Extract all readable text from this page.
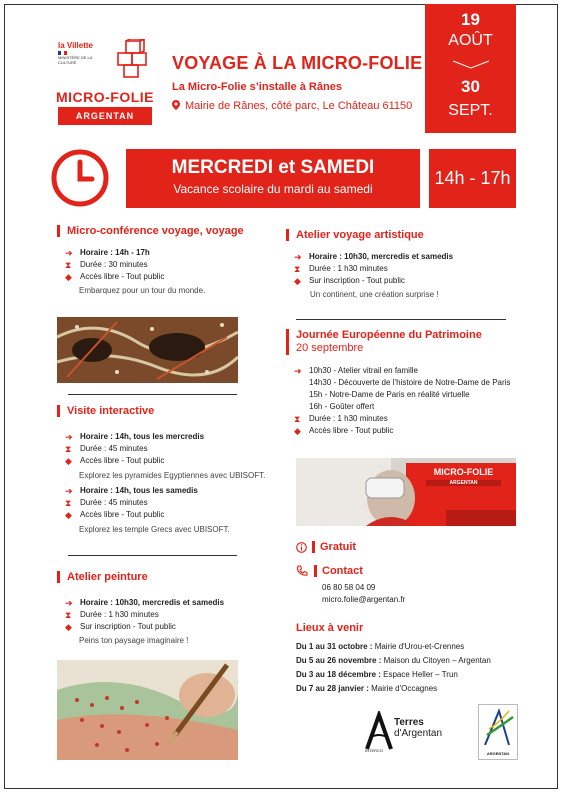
la Villette
MINISTÈRE DE LA CULTURE
MICRO-FOLIE
ARGENTAN
VOYAGE À LA MICRO-FOLIE
La Micro-Folie s’installe à Rânes
Mairie de Rânes, côté parc, Le Château 61150
19
AOÛT
30
SEPT.
MERCREDI et SAMEDI
Vacance scolaire du mardi au samedi
14h - 17h
Micro-conférence voyage, voyage
➜ Horaire : 14h - 17h
⧗	Durée : 30 minutes
◆	Accès libre - Tout public
Embarquez pour un tour du monde.
Visite interactive
➜ Horaire : 14h, tous les mercredis
⧗	Durée : 45 minutes
◆	Accès libre - Tout public
Explorez les pyramides Egyptiennes avec UBISOFT.
➜ Horaire : 14h, tous les samedis
⧗	Durée : 45 minutes
◆	Accès libre - Tout public
Explorez les temple Grecs avec UBISOFT.
Atelier peinture
➜ Horaire : 10h30, mercredis et samedis
⧗	Durée : 1 h30 minutes
◆	Sur inscription - Tout public
Peins ton paysage imaginaire !
Atelier voyage artistique
➜ Horaire : 10h30, mercredis et samedis
⧗	Durée : 1 h30 minutes
◆	Sur inscription - Tout public
Un continent, une création surprise !
Journée Européenne du Patrimoine
20 septembre
➜ 10h30 - Atelier vitrail en famille
14h30 - Découverte de l’histoire de Notre-Dame de Paris
15h - Notre-Dame de Paris en réalité virtuelle
16h - Goûter offert
⧗	Durée : 1 h30 minutes
◆	Accès libre - Tout public
MICRO-FOLIE
ARGENTAN
Gratuit
Contact
06 80 58 04 09
micro.folie@argentan.fr
Lieux à venir

Du 1 au 31 octobre : Mairie d'Urou-et-Crennes

Du 5 au 26 novembre : Maison du Citoyen – Argentan

Du 3 au 18 décembre : Espace Heller – Trun

Du 7 au 28 janvier : Mairie d'Occagnes

Terres
d'Argentan
INTERCO
ARGENTAN
